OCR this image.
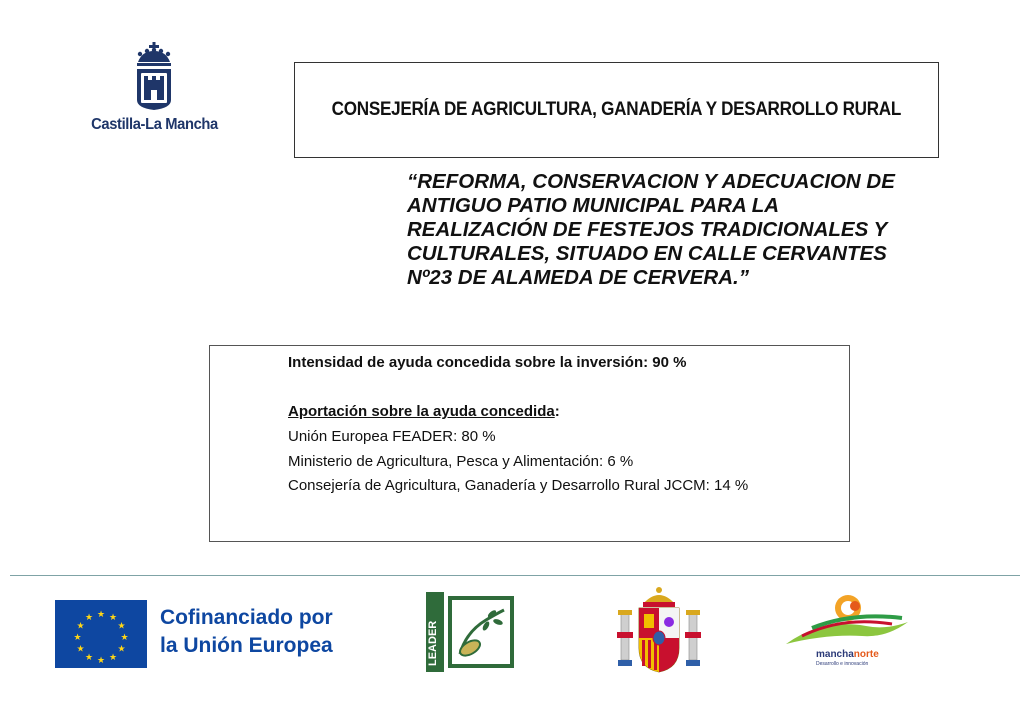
Castilla-La Mancha
CONSEJERÍA DE AGRICULTURA, GANADERÍA Y DESARROLLO RURAL
“REFORMA, CONSERVACION Y ADECUACION DE
ANTIGUO PATIO MUNICIPAL PARA LA
REALIZACIÓN DE FESTEJOS TRADICIONALES Y
CULTURALES, SITUADO EN CALLE CERVANTES
Nº23 DE ALAMEDA DE CERVERA.”
Intensidad de ayuda concedida sobre la inversión: 90 %
Aportación sobre la ayuda concedida:
Unión Europea FEADER: 80 %
Ministerio de Agricultura, Pesca y Alimentación: 6 %
Consejería de Agricultura, Ganadería y Desarrollo Rural JCCM: 14 %
★ ★
★
★
★
★
★
★
★
★
★
★	Cofinanciado por
la Unión Europea	LEADER	manchanorte
Desarrollo e innovación
